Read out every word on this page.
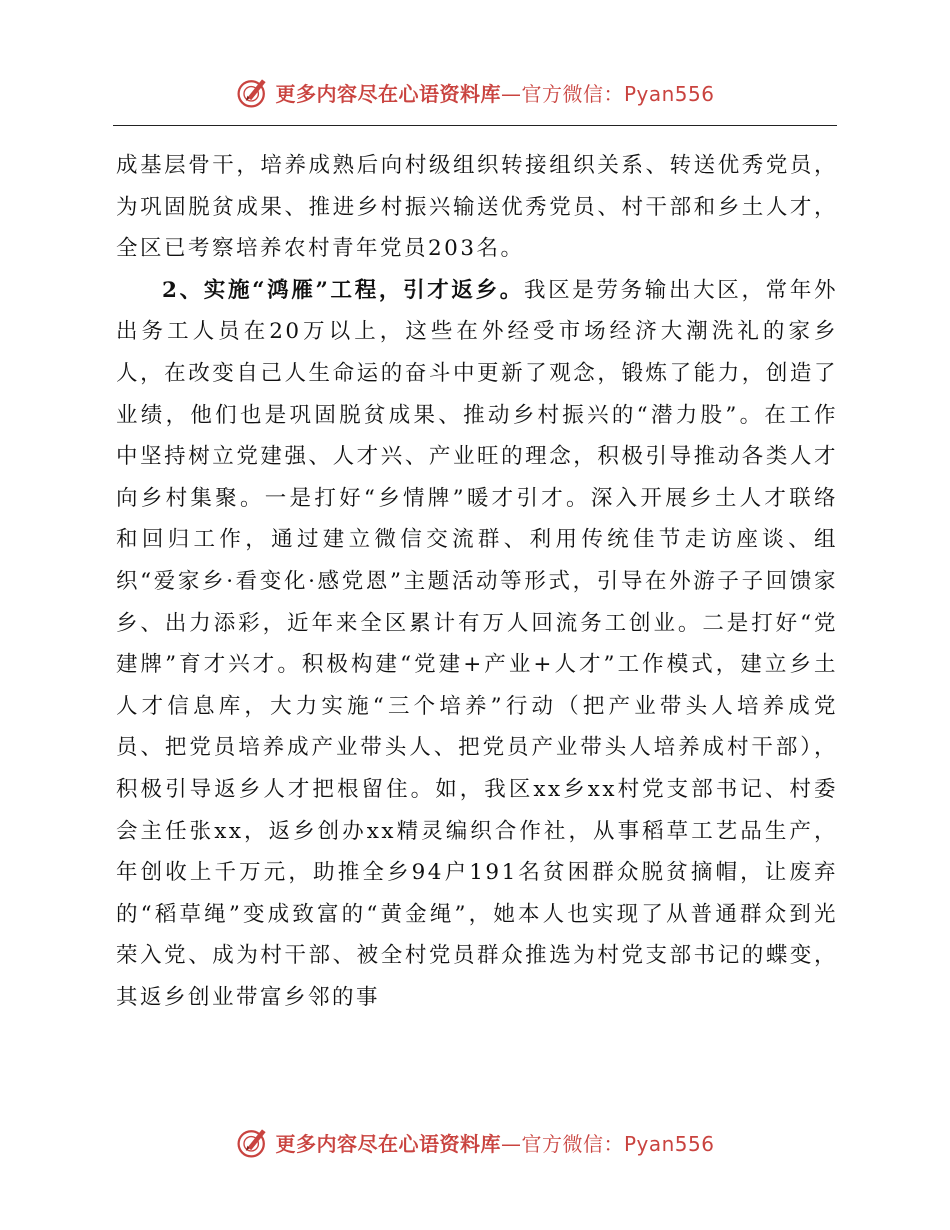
更多内容尽在心语资料库—官方微信：Pyan556

成基层骨干，培养成熟后向村级组织转接组织关系、转送优秀党员，为巩固脱贫成果、推进乡村振兴输送优秀党员、村干部和乡土人才，全区已考察培养农村青年党员203名。

2、实施“鸿雁”工程，引才返乡。我区是劳务输出大区，常年外出务工人员在20万以上，这些在外经受市场经济大潮洗礼的家乡人，在改变自己人生命运的奋斗中更新了观念，锻炼了能力，创造了业绩，他们也是巩固脱贫成果、推动乡村振兴的“潜力股”。在工作中坚持树立党建强、人才兴、产业旺的理念，积极引导推动各类人才向乡村集聚。一是打好“乡情牌”暖才引才。深入开展乡土人才联络和回归工作，通过建立微信交流群、利用传统佳节走访座谈、组织“爱家乡·看变化·感党恩”主题活动等形式，引导在外游子子回馈家乡、出力添彩，近年来全区累计有万人回流务工创业。二是打好“党建牌”育才兴才。积极构建“党建+产业+人才”工作模式，建立乡土人才信息库，大力实施“三个培养”行动（把产业带头人培养成党员、把党员培养成产业带头人、把党员产业带头人培养成村干部），积极引导返乡人才把根留住。如，我区xx乡xx村党支部书记、村委会主任张xx，返乡创办xx精灵编织合作社，从事稻草工艺品生产，年创收上千万元，助推全乡94户191名贫困群众脱贫摘帽，让废弃的“稻草绳”变成致富的“黄金绳”，她本人也实现了从普通群众到光荣入党、成为村干部、被全村党员群众推选为村党支部书记的蝶变，其返乡创业带富乡邻的事

更多内容尽在心语资料库—官方微信：Pyan556
